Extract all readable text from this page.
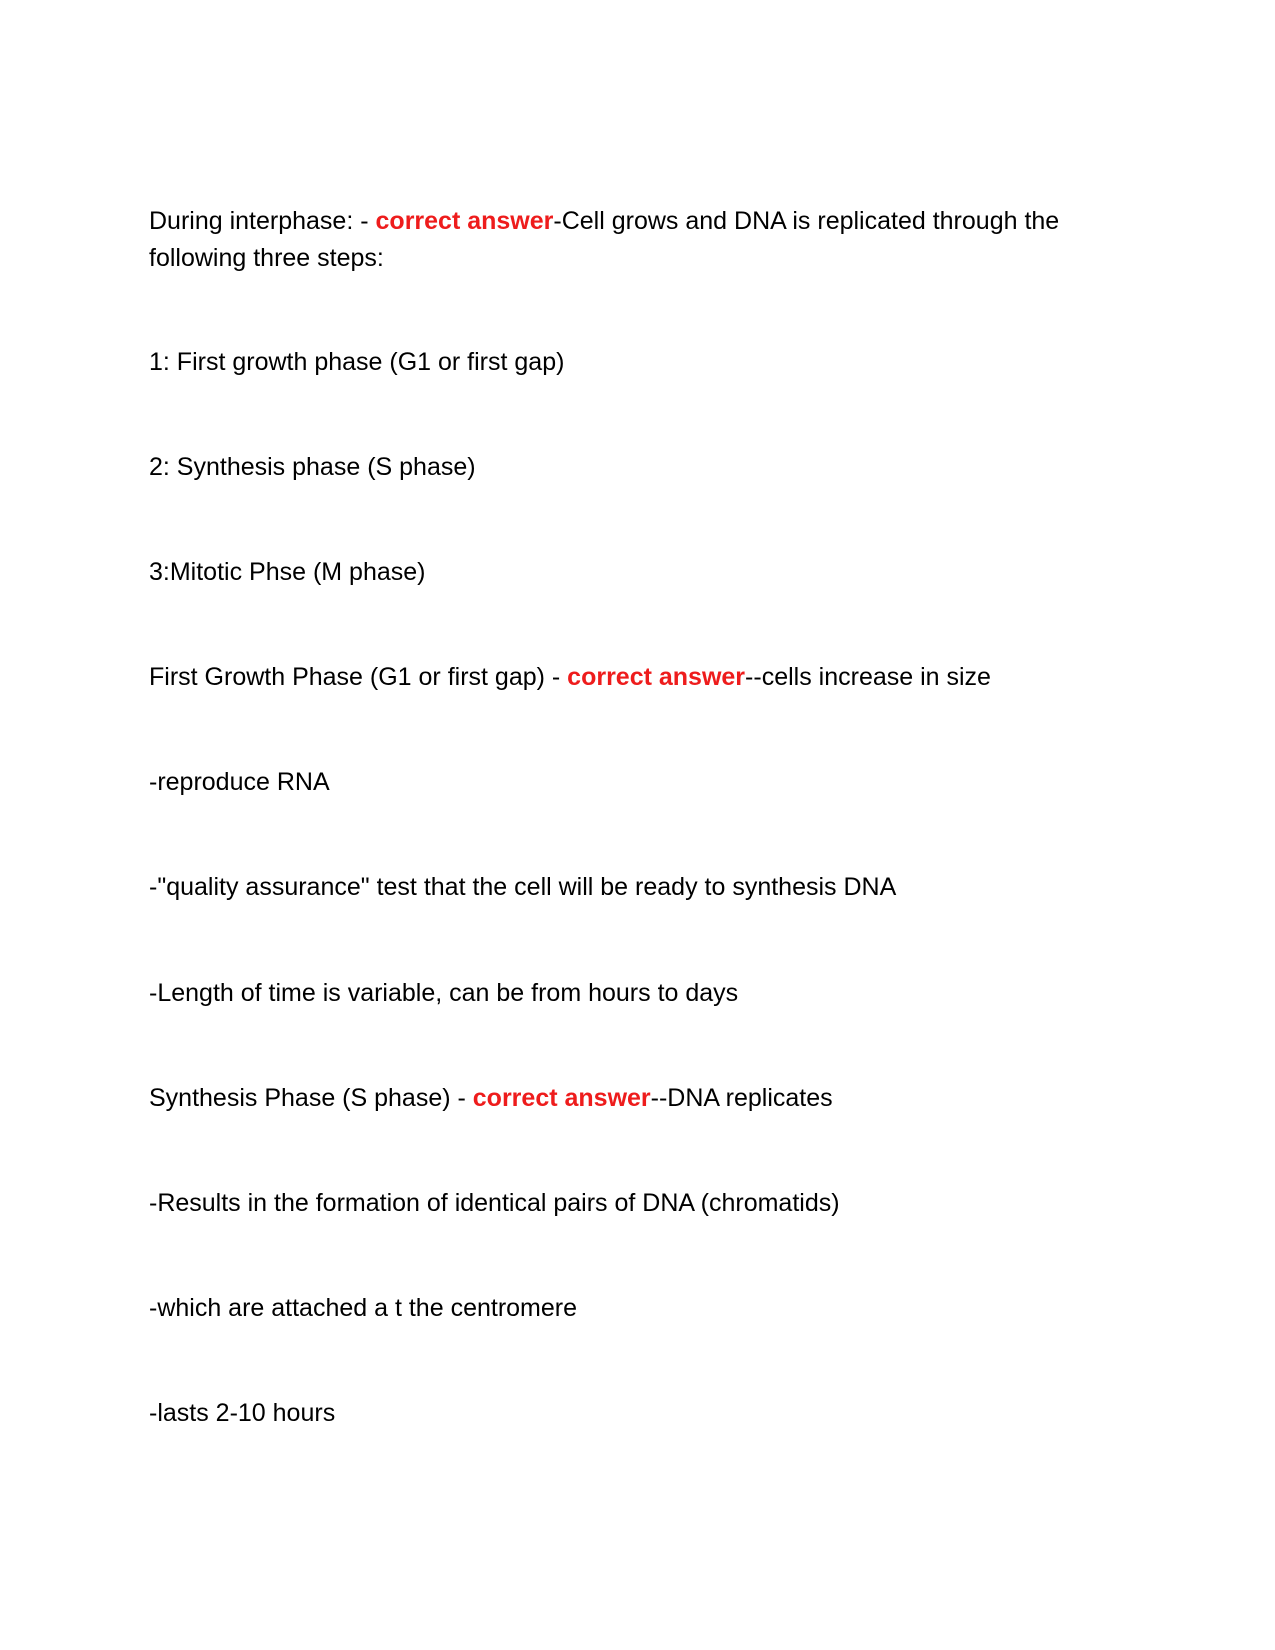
During interphase: - correct answer-Cell grows and DNA is replicated through the following three steps:
1: First growth phase (G1 or first gap)
2: Synthesis phase (S phase)
3:Mitotic Phse (M phase)
First Growth Phase (G1 or first gap) - correct answer--cells increase in size
-reproduce RNA
-"quality assurance" test that the cell will be ready to synthesis DNA
-Length of time is variable, can be from hours to days
Synthesis Phase (S phase) - correct answer--DNA replicates
-Results in the formation of identical pairs of DNA (chromatids)
-which are attached a t the centromere
-lasts 2-10 hours
